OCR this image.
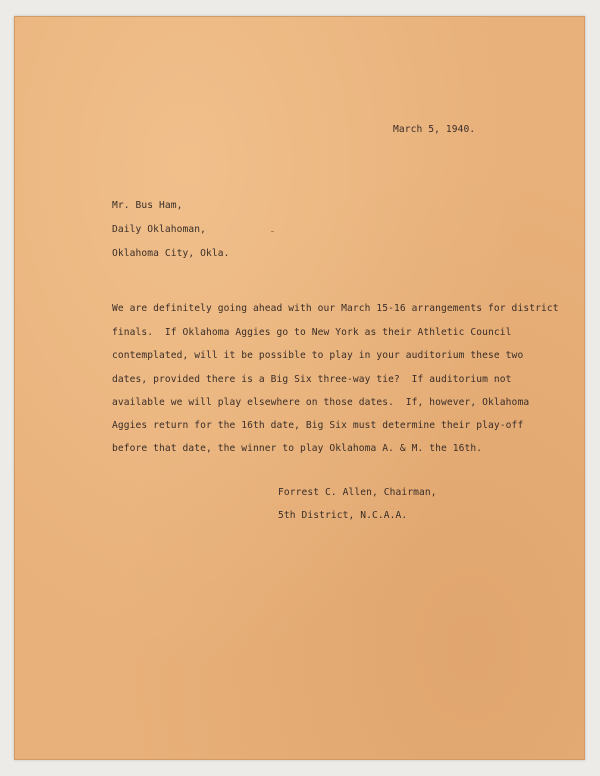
March 5, 1940.
Mr. Bus Ham,
Daily Oklahoman,
Oklahoma City, Okla.
We are definitely going ahead with our March 15-16 arrangements for district
finals.  If Oklahoma Aggies go to New York as their Athletic Council
contemplated, will it be possible to play in your auditorium these two
dates, provided there is a Big Six three-way tie?  If auditorium not
available we will play elsewhere on those dates.  If, however, Oklahoma
Aggies return for the 16th date, Big Six must determine their play-off
before that date, the winner to play Oklahoma A. & M. the 16th.
Forrest C. Allen, Chairman,
5th District, N.C.A.A.
